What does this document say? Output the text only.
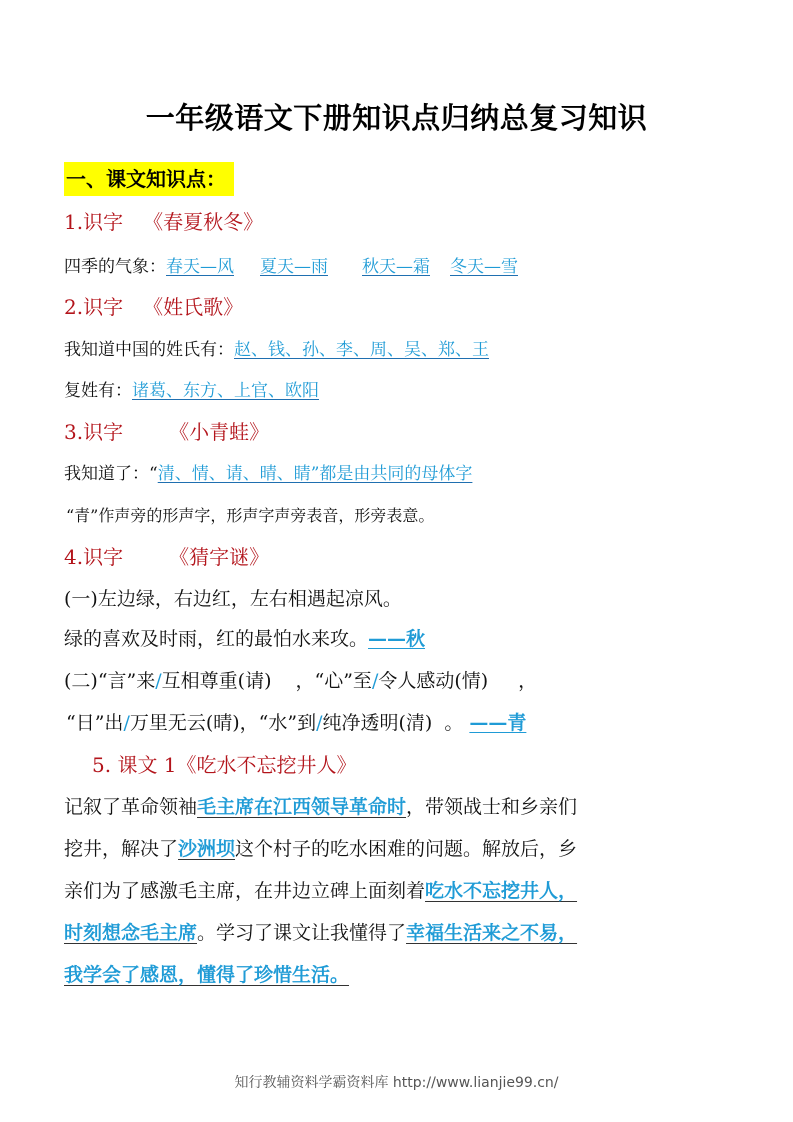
一年级语文下册知识点归纳总复习知识
一、课文知识点：
1.识字 《春夏秋冬》
四季的气象：春天—风 夏天—雨 秋天—霜 冬天—雪
2.识字 《姓氏歌》
我知道中国的姓氏有：赵、钱、孙、李、周、吴、郑、王
复姓有：诸葛、东方、上官、欧阳
3.识字 《小青蛙》
我知道了：“清、情、请、晴、睛”都是由共同的母体字
“青”作声旁的形声字，形声字声旁表音，形旁表意。
4.识字 《猜字谜》
(一)左边绿，右边红，左右相遇起凉风。
绿的喜欢及时雨，红的最怕水来攻。——秋
(二)“言”来/互相尊重(请) ，“心”至/令人感动(情) ，
“日”出/万里无云(晴)，“水”到/纯净透明(清) 。 ——青
5. 课文 1《吃水不忘挖井人》
记叙了革命领袖毛主席在江西领导革命时，带领战士和乡亲们
挖井，解决了沙洲坝这个村子的吃水困难的问题。解放后，乡
亲们为了感激毛主席，在井边立碑上面刻着吃水不忘挖井人，
时刻想念毛主席。学习了课文让我懂得了幸福生活来之不易，
我学会了感恩，懂得了珍惜生活。
知行教辅资料学霸资料库 http://www.lianjie99.cn/
